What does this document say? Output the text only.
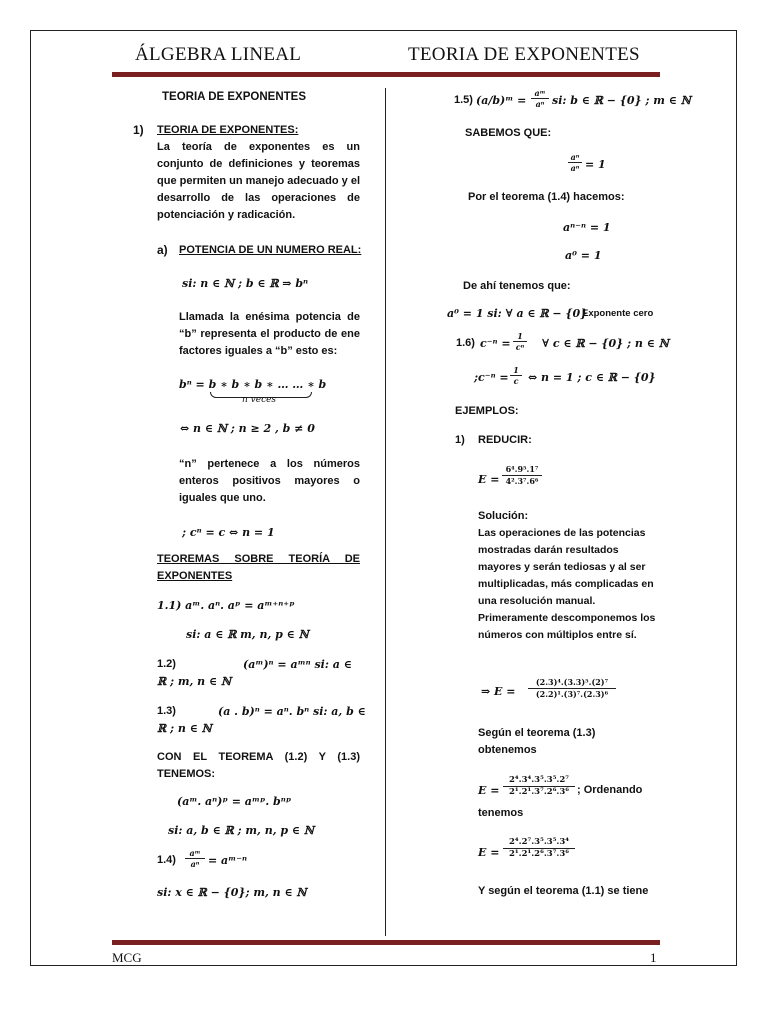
ÁLGEBRA LINEAL	TEORIA DE EXPONENTES
TEORIA DE EXPONENTES
1) TEORIA DE EXPONENTES:
La teoría de exponentes es un conjunto de definiciones y teoremas que permiten un manejo adecuado y el desarrollo de las operaciones de potenciación y radicación.
a) POTENCIA DE UN NUMERO REAL:
si: n ∈ ℕ ; b ∈ ℝ ⇒ bⁿ
Llamada la enésima potencia de “b” representa el producto de ene factores iguales a “b” esto es:
bⁿ = b ∗ b ∗ b ∗ … … ∗ b
n veces
⇔ n ∈ ℕ ; n ≥ 2 , b ≠ 0
“n” pertenece a los números enteros positivos mayores o iguales que uno.
; cⁿ = c ⇔ n = 1
TEOREMAS SOBRE TEORÍA DE EXPONENTES
1.1) aᵐ. aⁿ. aᵖ = aᵐ⁺ⁿ⁺ᵖ
si: a ∈ ℝ m, n, p ∈ ℕ
1.2)	(aᵐ)ⁿ = aᵐⁿ si: a ∈
ℝ ; m, n ∈ ℕ
1.3)	(a . b)ⁿ = aⁿ. bⁿ si: a, b ∈
ℝ ; n ∈ ℕ
CON EL TEOREMA (1.2) Y (1.3) TENEMOS:
(aᵐ. aⁿ)ᵖ = aᵐᵖ. bⁿᵖ
si: a, b ∈ ℝ ; m, n, p ∈ ℕ
$1.4) \frac{\text{aᵐ}}{\text{aⁿ}}$ = aᵐ⁻ⁿ
si: x ∈ ℝ − {0}; m, n ∈ ℕ
1.5) (a/b)ᵐ = $\frac{\text{aᵐ}}{\text{aⁿ}}$ si: b ∈ ℝ − {0} ; m ∈ ℕ
SABEMOS QUE:
$\frac{\text{aⁿ}}{\text{aⁿ}} = 1$
Por el teorema (1.4) hacemos:
aⁿ⁻ⁿ = 1
a⁰ = 1
De ahí tenemos que:
a⁰ = 1 si: ∀ a ∈ ℝ − {0}
Exponente cero
1.6) $c^{-n} = \frac{1}{\text{cⁿ}}$ ∀ c ∈ ℝ − {0} ; n ∈ ℕ
;c⁻ⁿ = $\frac{1}{c}$ ⇔ n = 1 ; c ∈ ℝ − {0}
EJEMPLOS:
1) REDUCIR:
$E = \frac{\text{6⁴.9⁵.1⁷}}{\text{4².3⁷.6⁶}}$
Solución:
Las operaciones de las potencias mostradas darán resultados mayores y serán tediosas y al ser multiplicadas, más complicadas en una resolución manual. Primeramente descomponemos los números con múltiplos entre sí.
⇒ $E = \frac{\text{(2.3)⁴.(3.3)⁵.(2)⁷}}{\text{(2.2)¹.(3)⁷.(2.3)⁶}}$
Según el teorema (1.3) obtenemos
$E = \frac{\text{2⁴.3⁴.3⁵.3⁵.2⁷}}{\text{2¹.2¹.3⁷.2⁶.3⁶}}$ ; Ordenando
tenemos
$E = \frac{\text{2⁴.2⁷.3⁵.3⁵.3⁴}}{\text{2¹.2¹.2⁶.3⁷.3⁶}}$
Y según el teorema (1.1) se tiene
MCG	1
